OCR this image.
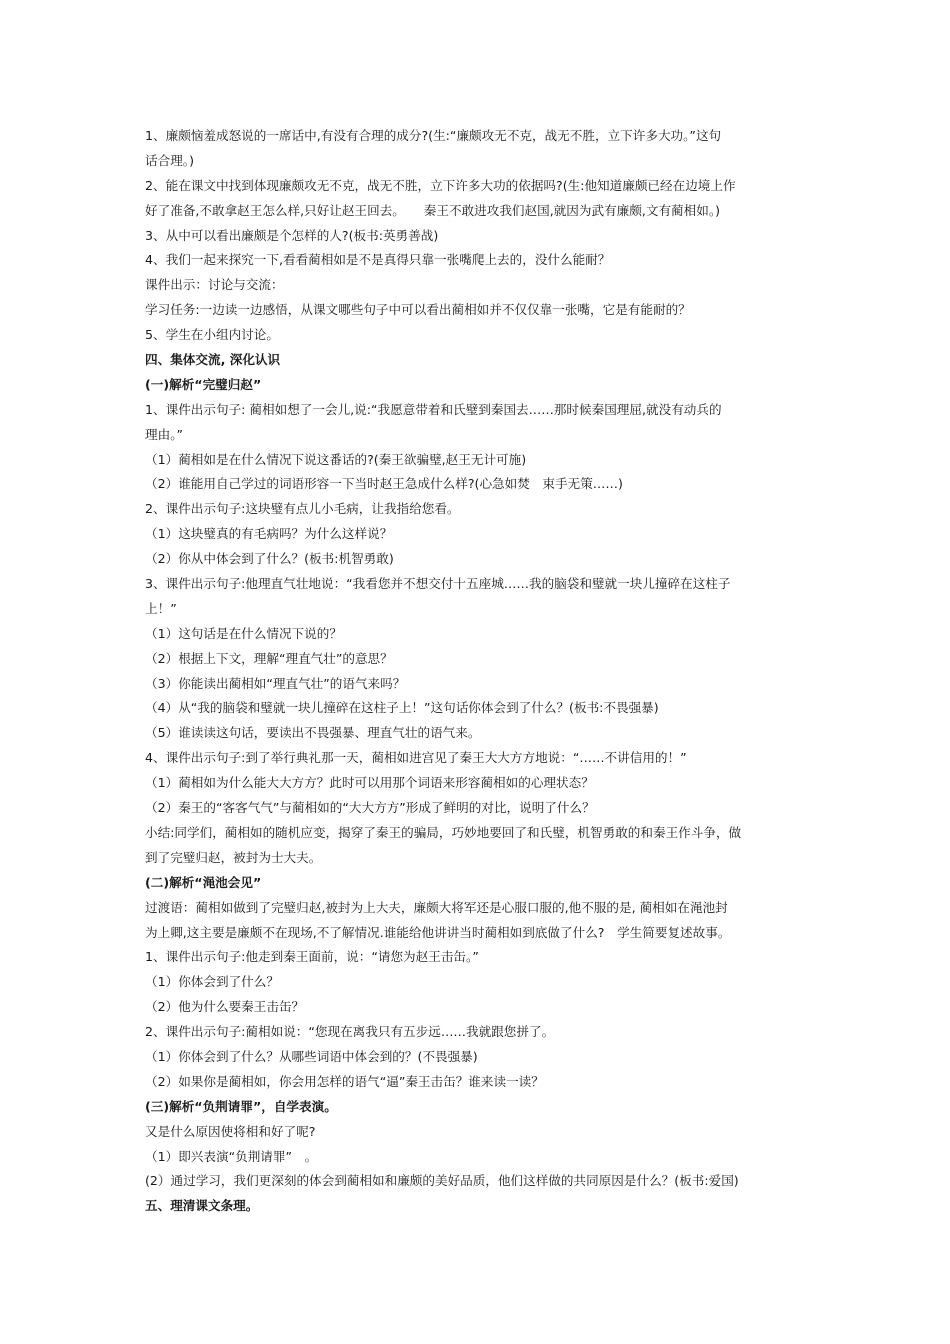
1、廉颇恼羞成怒说的一席话中,有没有合理的成分?(生:“廉颇攻无不克，战无不胜，立下许多大功。”这句
话合理。)
2、能在课文中找到体现廉颇攻无不克，战无不胜，立下许多大功的依据吗?(生:他知道廉颇已经在边境上作
好了准备,不敢拿赵王怎么样,只好让赵王回去。　　秦王不敢进攻我们赵国,就因为武有廉颇,文有蔺相如。)
3、从中可以看出廉颇是个怎样的人?(板书:英勇善战)
4、我们一起来探究一下,看看蔺相如是不是真得只靠一张嘴爬上去的，没什么能耐？
课件出示：讨论与交流：
学习任务:一边读一边感悟，从课文哪些句子中可以看出蔺相如并不仅仅靠一张嘴，它是有能耐的？
5、学生在小组内讨论。
四、集体交流, 深化认识
(一)解析“完璧归赵”
1、课件出示句子: 蔺相如想了一会儿,说:“我愿意带着和氏璧到秦国去……那时候秦国理屈,就没有动兵的
理由。”
（1）蔺相如是在什么情况下说这番话的?(秦王欲骗璧,赵王无计可施)
（2）谁能用自己学过的词语形容一下当时赵王急成什么样?(心急如焚　束手无策……)
2、课件出示句子:这块璧有点儿小毛病，让我指给您看。
（1）这块璧真的有毛病吗？为什么这样说？
（2）你从中体会到了什么？(板书:机智勇敢)
3、课件出示句子:他理直气壮地说：“我看您并不想交付十五座城……我的脑袋和璧就一块儿撞碎在这柱子
上！”
（1）这句话是在什么情况下说的？
（2）根据上下文，理解“理直气壮”的意思？
（3）你能读出蔺相如“理直气壮”的语气来吗？
（4）从“我的脑袋和璧就一块儿撞碎在这柱子上！”这句话你体会到了什么？(板书:不畏强暴)
（5）谁读读这句话，要读出不畏强暴、理直气壮的语气来。
4、课件出示句子:到了举行典礼那一天，蔺相如进宫见了秦王大大方方地说：“……不讲信用的！”
（1）蔺相如为什么能大大方方？此时可以用那个词语来形容蔺相如的心理状态？
（2）秦王的“客客气气”与蔺相如的“大大方方”形成了鲜明的对比，说明了什么？
小结:同学们，蔺相如的随机应变，揭穿了秦王的骗局，巧妙地要回了和氏璧，机智勇敢的和秦王作斗争，做
到了完璧归赵，被封为士大夫。
(二)解析“渑池会见”
过渡语：蔺相如做到了完璧归赵,被封为上大夫，廉颇大将军还是心服口服的,他不服的是, 蔺相如在渑池封
为上卿,这主要是廉颇不在现场,不了解情况.谁能给他讲讲当时蔺相如到底做了什么?　学生简要复述故事。
1、课件出示句子:他走到秦王面前，说：“请您为赵王击缶。”
（1）你体会到了什么？
（2）他为什么要秦王击缶？
2、课件出示句子:蔺相如说：“您现在离我只有五步远……我就跟您拼了。
（1）你体会到了什么？从哪些词语中体会到的？(不畏强暴)
（2）如果你是蔺相如，你会用怎样的语气“逼”秦王击缶？谁来读一读？
(三)解析“负荆请罪”，自学表演。
又是什么原因使将相和好了呢?
（1）即兴表演“负荆请罪”　。
(2）通过学习，我们更深刻的体会到蔺相如和廉颇的美好品质，他们这样做的共同原因是什么？(板书:爱国)
五、理清课文条理。
